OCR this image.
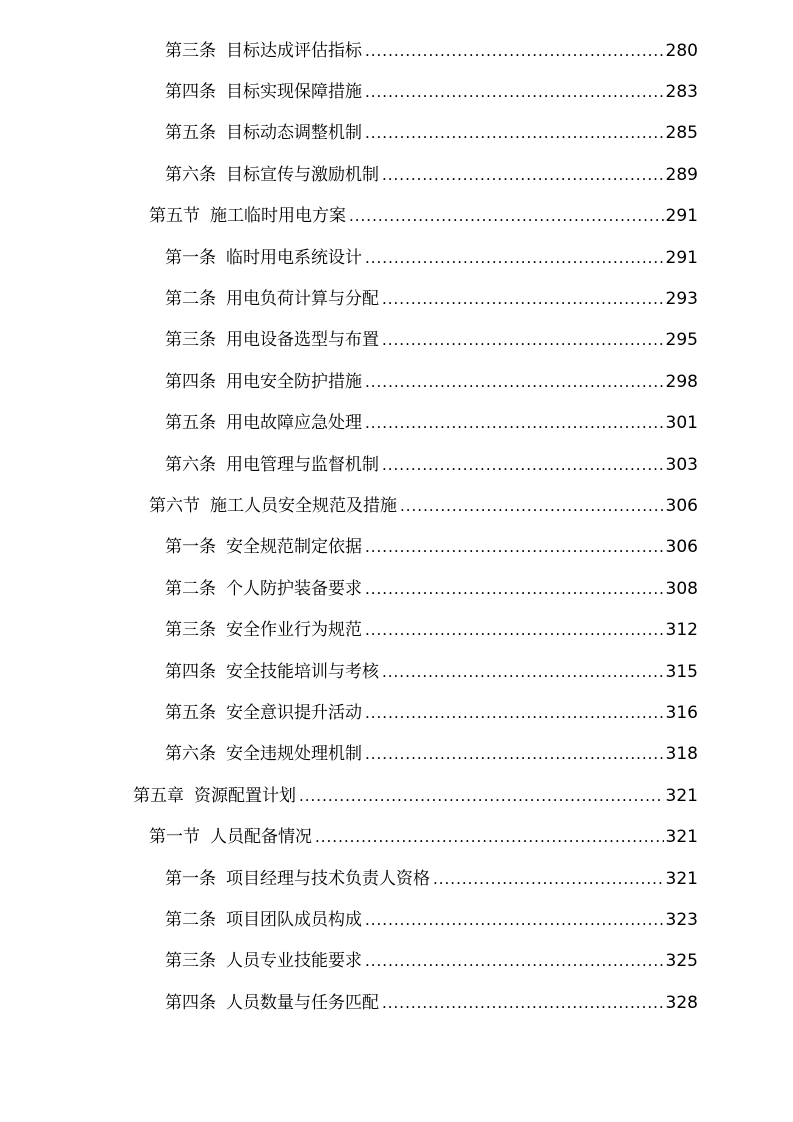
第三条 目标达成评估指标 .....	280
第四条 目标实现保障措施 .....	283
第五条 目标动态调整机制 .....	285
第六条 目标宣传与激励机制 .....	289
第五节 施工临时用电方案 .....	291
第一条 临时用电系统设计 .....	291
第二条 用电负荷计算与分配 .....	293
第三条 用电设备选型与布置 .....	295
第四条 用电安全防护措施 .....	298
第五条 用电故障应急处理 .....	301
第六条 用电管理与监督机制 .....	303
第六节 施工人员安全规范及措施 .....	306
第一条 安全规范制定依据 .....	306
第二条 个人防护装备要求 .....	308
第三条 安全作业行为规范 .....	312
第四条 安全技能培训与考核 .....	315
第五条 安全意识提升活动 .....	316
第六条 安全违规处理机制 .....	318
第五章 资源配置计划 .....	321
第一节 人员配备情况 .....	321
第一条 项目经理与技术负责人资格 .....	321
第二条 项目团队成员构成 .....	323
第三条 人员专业技能要求 .....	325
第四条 人员数量与任务匹配 .....	328
